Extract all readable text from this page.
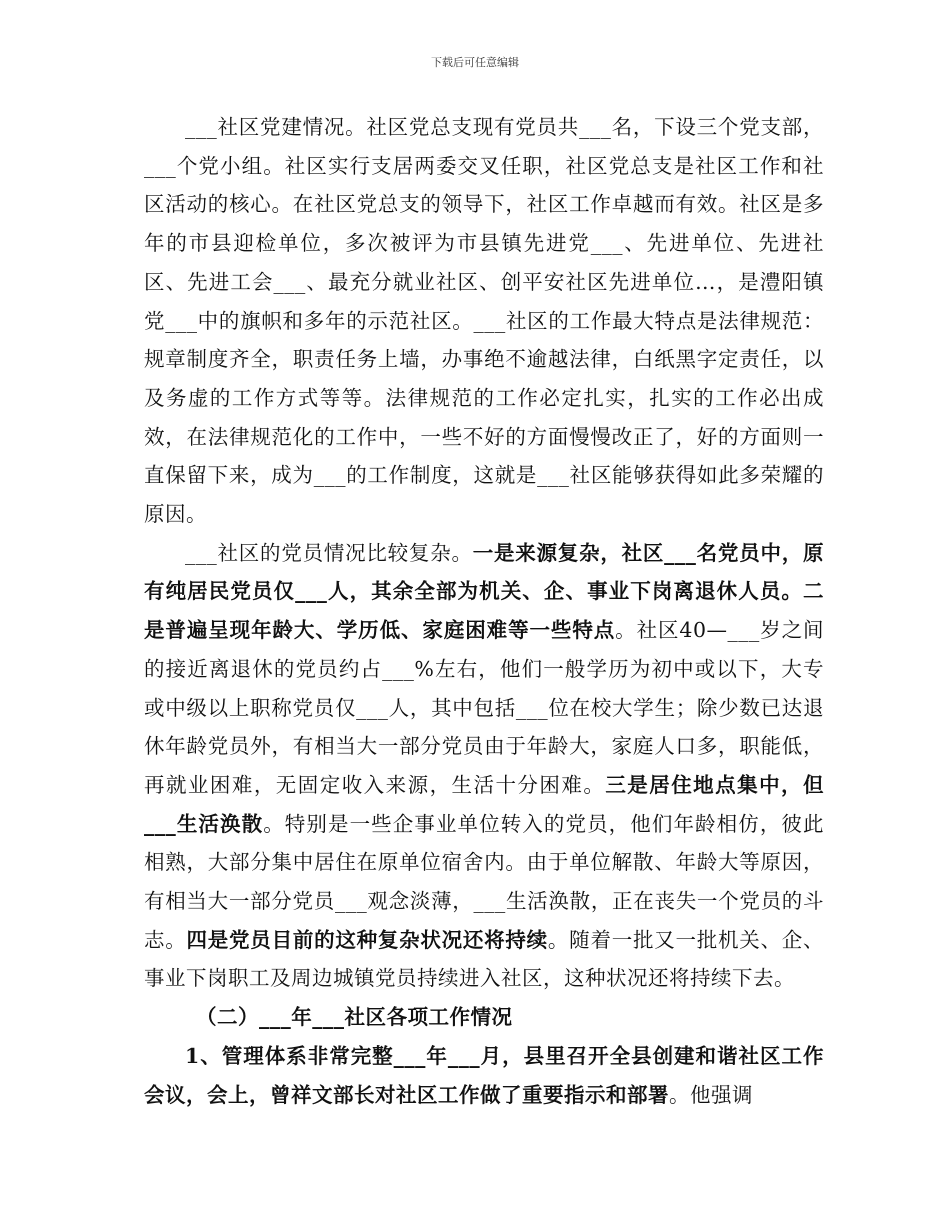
下载后可任意编辑

___社区党建情况。社区党总支现有党员共___名，下设三个党支部，___个党小组。社区实行支居两委交叉任职，社区党总支是社区工作和社区活动的核心。在社区党总支的领导下，社区工作卓越而有效。社区是多年的市县迎检单位，多次被评为市县镇先进党___、先进单位、先进社区、先进工会___、最充分就业社区、创平安社区先进单位…，是澧阳镇党___中的旗帜和多年的示范社区。___社区的工作最大特点是法律规范：规章制度齐全，职责任务上墙，办事绝不逾越法律，白纸黑字定责任，以及务虚的工作方式等等。法律规范的工作必定扎实，扎实的工作必出成效，在法律规范化的工作中，一些不好的方面慢慢改正了，好的方面则一直保留下来，成为___的工作制度，这就是___社区能够获得如此多荣耀的原因。

___社区的党员情况比较复杂。一是来源复杂，社区___名党员中，原有纯居民党员仅___人，其余全部为机关、企、事业下岗离退休人员。二是普遍呈现年龄大、学历低、家庭困难等一些特点。社区40—___岁之间的接近离退休的党员约占___%左右，他们一般学历为初中或以下，大专或中级以上职称党员仅___人，其中包括___位在校大学生；除少数已达退休年龄党员外，有相当大一部分党员由于年龄大，家庭人口多，职能低，再就业困难，无固定收入来源，生活十分困难。三是居住地点集中，但___生活涣散。特别是一些企事业单位转入的党员，他们年龄相仿，彼此相熟，大部分集中居住在原单位宿舍内。由于单位解散、年龄大等原因，有相当大一部分党员___观念淡薄，___生活涣散，正在丧失一个党员的斗志。四是党员目前的这种复杂状况还将持续。随着一批又一批机关、企、事业下岗职工及周边城镇党员持续进入社区，这种状况还将持续下去。

（二）___年___社区各项工作情况

1、管理体系非常完整___年___月，县里召开全县创建和谐社区工作会议，会上，曾祥文部长对社区工作做了重要指示和部署。他强调
